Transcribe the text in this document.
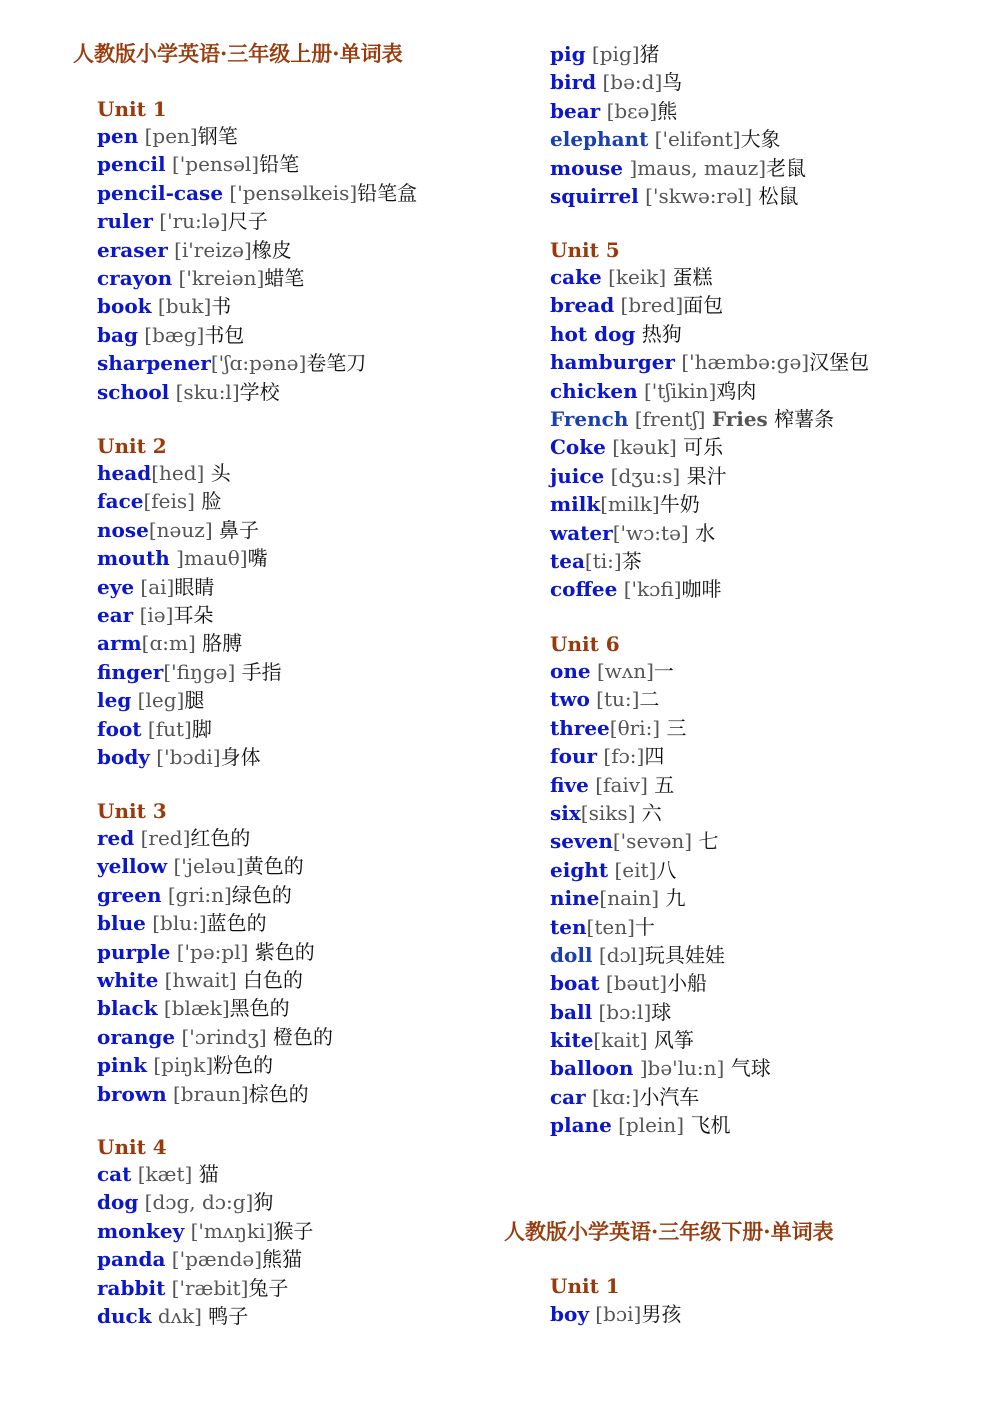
人教版小学英语·三年级上册·单词表
Unit 1
pen [pen]钢笔
pencil ['pensəl]铅笔
pencil-case ['pensəlkeis]铅笔盒
ruler ['ru:lə]尺子
eraser [i'reizə]橡皮
crayon ['kreiən]蜡笔
book [buk]书
bag [bæg]书包
sharpener['ʃɑ:pənə]卷笔刀
school [sku:l]学校
Unit 2
head[hed] 头
face[feis] 脸
nose[nəuz] 鼻子
mouth ]mauθ]嘴
eye [ai]眼睛
ear [iə]耳朵
arm[ɑ:m] 胳膊
finger['fiŋgə] 手指
leg [leg]腿
foot [fut]脚
body ['bɔdi]身体
Unit 3
red [red]红色的
yellow ['jeləu]黄色的
green [gri:n]绿色的
blue [blu:]蓝色的
purple ['pə:pl] 紫色的
white [hwait] 白色的
black [blæk]黑色的
orange ['ɔrindʒ] 橙色的
pink [piŋk]粉色的
brown [braun]棕色的
Unit 4
cat [kæt] 猫
dog [dɔg, dɔ:g]狗
monkey ['mʌŋki]猴子
panda ['pændə]熊猫
rabbit ['ræbit]兔子
duck dʌk] 鸭子
pig [pig]猪
bird [bə:d]鸟
bear [bεə]熊
elephant ['elifənt]大象
mouse ]maus, mauz]老鼠
squirrel ['skwə:rəl] 松鼠
Unit 5
cake [keik] 蛋糕
bread [bred]面包
hot dog 热狗
hamburger ['hæmbə:gə]汉堡包
chicken ['tʃikin]鸡肉
French [frentʃ] Fries 榨薯条
Coke [kəuk] 可乐
juice [dʒu:s] 果汁
milk[milk]牛奶
water['wɔ:tə] 水
tea[ti:]茶
coffee ['kɔfi]咖啡
Unit 6
one [wʌn]一
two [tu:]二
three[θri:] 三
four [fɔ:]四
five [faiv] 五
six[siks] 六
seven['sevən] 七
eight [eit]八
nine[nain] 九
ten[ten]十
doll [dɔl]玩具娃娃
boat [bəut]小船
ball [bɔ:l]球
kite[kait] 风筝
balloon ]bə'lu:n] 气球
car [kɑ:]小汽车
plane [plein] 飞机
人教版小学英语·三年级下册·单词表
Unit 1
boy [bɔi]男孩
